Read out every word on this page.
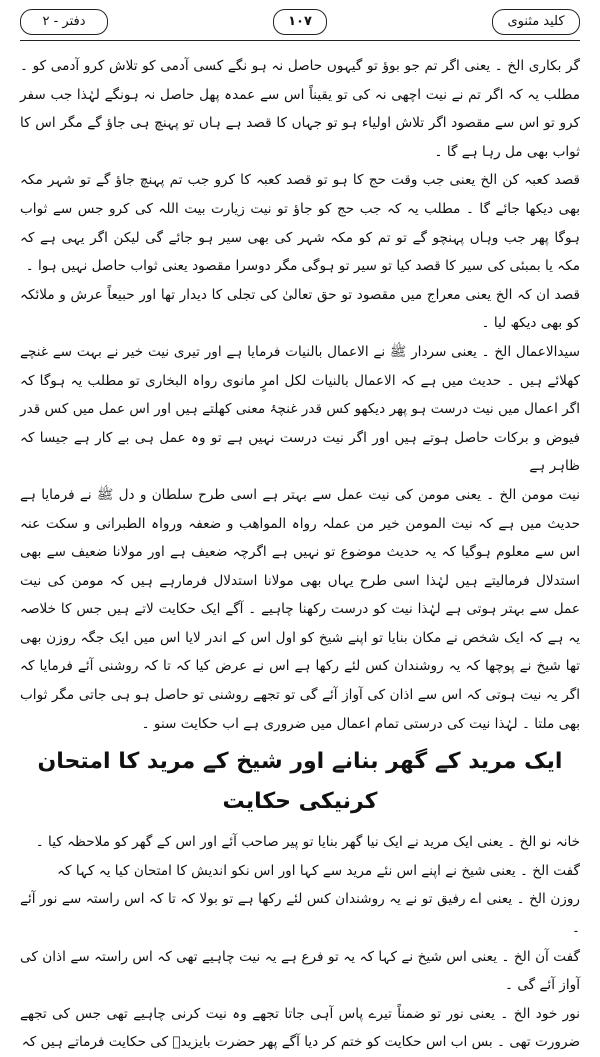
کلید مثنوی
۱۰۷
دفتر - ۲

گر بکاری الخ ۔ یعنی اگر تم جو بوؤ تو گیہوں حاصل نہ ہو نگے کسی آدمی کو تلاش کرو آدمی کو ۔ مطلب یہ کہ اگر تم نے نیت اچھی نہ کی تو یقیناً اس سے عمدہ پھل حاصل نہ ہونگے لہٰذا جب سفر کرو تو اس سے مقصود اگر تلاش اولیاء ہو تو جہاں کا قصد ہے ہاں تو پہنچ ہی جاؤ گے مگر اس کا ثواب بھی مل رہا ہے گا ۔

قصد کعبہ کن الخ یعنی جب وقت حج کا ہو تو قصد کعبہ کا کرو جب تم پہنچ جاؤ گے تو شہر مکہ بھی دیکھا جائے گا ۔ مطلب یہ کہ جب حج کو جاؤ تو نیت زیارت بیت اللہ کی کرو جس سے ثواب ہوگا پھر جب وہاں پہنچو گے تو تم کو مکہ شہر کی بھی سیر ہو جائے گی لیکن اگر یہی ہے کہ مکہ یا بمبئی کی سیر کا قصد کیا تو سیر تو ہوگی مگر دوسرا مقصود یعنی ثواب حاصل نہیں ہوا ۔

قصد ان کہ الخ یعنی معراج میں مقصود تو حق تعالیٰ کی تجلی کا دیدار تھا اور حبیعاً عرش و ملائکہ کو بھی دیکھ لیا ۔

سیدالاعمال الخ ۔ یعنی سردار ﷺ نے الاعمال بالنیات فرمایا ہے اور تیری نیت خیر نے بہت سے غنچے کھلائے ہیں ۔ حدیث میں ہے کہ الاعمال بالنیات لکل امرٍ مانوی رواہ البخاری تو مطلب یہ ہوگا کہ اگر اعمال میں نیت درست ہو پھر دیکھو کس قدر غنچۂ معنی کھلتے ہیں اور اس عمل میں کس قدر فیوض و برکات حاصل ہوتے ہیں اور اگر نیت درست نہیں ہے تو وہ عمل ہی بے کار ہے جیسا کہ ظاہر ہے

نیت مومن الخ ۔ یعنی مومن کی نیت عمل سے بہتر ہے اسی طرح سلطان و دل ﷺ نے فرمایا ہے حدیث میں ہے کہ نیت المومن خیر من عملہ رواہ المواهب و ضعفہ ورواہ الطبرانی و سکت عنہ اس سے معلوم ہوگیا کہ یہ حدیث موضوع تو نہیں ہے اگرچہ ضعیف ہے اور مولانا ضعیف سے بھی استدلال فرمالیتے ہیں لہٰذا اسی طرح یہاں بھی مولانا استدلال فرمارہے ہیں کہ مومن کی نیت عمل سے بہتر ہوتی ہے لہٰذا نیت کو درست رکھنا چاہیے ۔ آگے ایک حکایت لاتے ہیں جس کا خلاصہ یہ ہے کہ ایک شخص نے مکان بنایا تو اپنے شیخ کو اول اس کے اندر لایا اس میں ایک جگہ روزن بھی تھا شیخ نے پوچھا کہ یہ روشندان کس لئے رکھا ہے اس نے عرض کیا کہ تا کہ روشنی آئے فرمایا کہ اگر یہ نیت ہوتی کہ اس سے اذان کی آواز آئے گی تو تجھے روشنی تو حاصل ہو ہی جاتی مگر ثواب بھی ملتا ۔ لہٰذا نیت کی درستی تمام اعمال میں ضروری ہے اب حکایت سنو ۔

ایک مرید کے گھر بنانے اور شیخ کے مرید کا امتحان کرنیکی حکایت

خانہ نو الخ ۔ یعنی ایک مرید نے ایک نیا گھر بنایا تو پیر صاحب آئے اور اس کے گھر کو ملاحظہ کیا ۔

گفت الخ ۔ یعنی شیخ نے اپنے اس نئے مرید سے کہا اور اس نکو اندیش کا امتحان کیا یہ کہا کہ

روزن الخ ۔ یعنی اے رفیق تو نے یہ روشندان کس لئے رکھا ہے تو بولا کہ تا کہ اس راستہ سے نور آئے ۔

گفت آن الخ ۔ یعنی اس شیخ نے کہا کہ یہ تو فرع ہے یہ نیت چاہیے تھی کہ اس راستہ سے اذان کی آواز آئے گی ۔

نور خود الخ ۔ یعنی نور تو ضمناً تیرے پاس آہی جاتا تجھے وہ نیت کرنی چاہیے تھی جس کی تجھے ضرورت تھی ۔ بس اب اس حکایت کو ختم کر دیا آگے پھر حضرت بایزیدؒ کی حکایت فرماتے ہیں کہ
